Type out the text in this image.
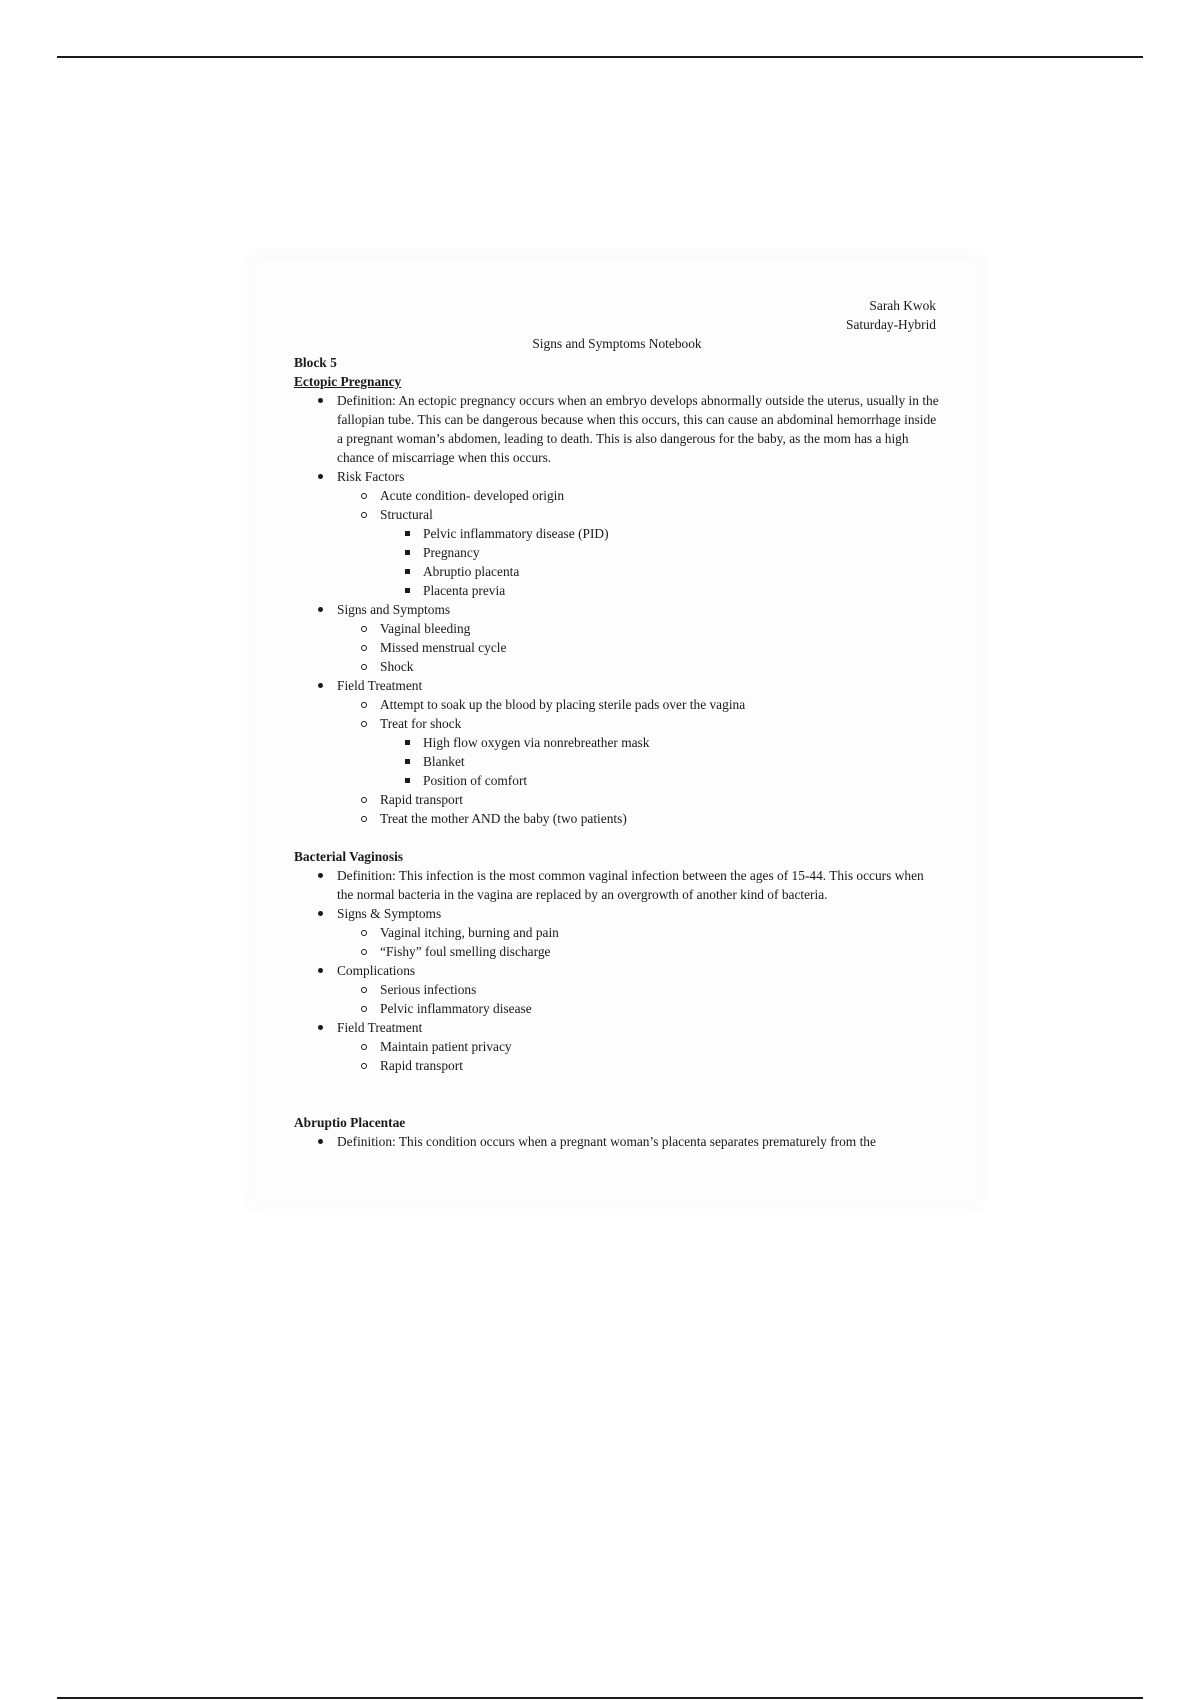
Sarah Kwok
Saturday-Hybrid
Signs and Symptoms Notebook
Block 5
Ectopic Pregnancy
Definition: An ectopic pregnancy occurs when an embryo develops abnormally outside the uterus, usually in the fallopian tube. This can be dangerous because when this occurs, this can cause an abdominal hemorrhage inside a pregnant woman’s abdomen, leading to death. This is also dangerous for the baby, as the mom has a high chance of miscarriage when this occurs.
Risk Factors
Acute condition- developed origin
Structural
Pelvic inflammatory disease (PID)
Pregnancy
Abruptio placenta
Placenta previa
Signs and Symptoms
Vaginal bleeding
Missed menstrual cycle
Shock
Field Treatment
Attempt to soak up the blood by placing sterile pads over the vagina
Treat for shock
High flow oxygen via nonrebreather mask
Blanket
Position of comfort
Rapid transport
Treat the mother AND the baby (two patients)
Bacterial Vaginosis
Definition: This infection is the most common vaginal infection between the ages of 15-44. This occurs when the normal bacteria in the vagina are replaced by an overgrowth of another kind of bacteria.
Signs & Symptoms
Vaginal itching, burning and pain
“Fishy” foul smelling discharge
Complications
Serious infections
Pelvic inflammatory disease
Field Treatment
Maintain patient privacy
Rapid transport
Abruptio Placentae
Definition: This condition occurs when a pregnant woman’s placenta separates prematurely from the
